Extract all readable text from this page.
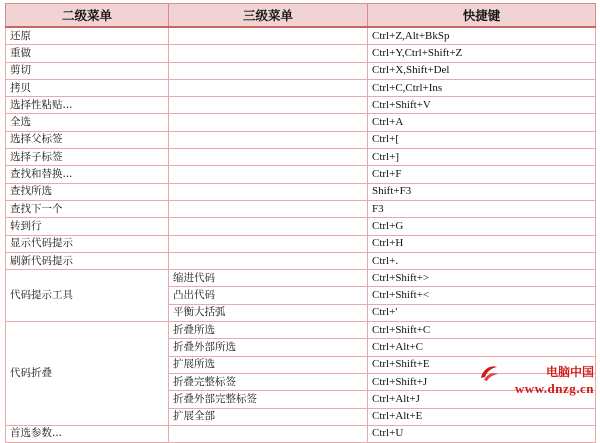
二级菜单	三级菜单	快捷键
还原		Ctrl+Z,Alt+BkSp
重做		Ctrl+Y,Ctrl+Shift+Z
剪切		Ctrl+X,Shift+Del
拷贝		Ctrl+C,Ctrl+Ins
选择性粘贴...		Ctrl+Shift+V
全选		Ctrl+A
选择父标签		Ctrl+[
选择子标签		Ctrl+]
查找和替换...		Ctrl+F
查找所选		Shift+F3
查找下一个		F3
转到行		Ctrl+G
显示代码提示		Ctrl+H
刷新代码提示		Ctrl+.
代码提示工具	缩进代码	Ctrl+Shift+>
	凸出代码	Ctrl+Shift+<
	平衡大括弧	Ctrl+'
代码折叠	折叠所选	Ctrl+Shift+C
	折叠外部所选	Ctrl+Alt+C
	扩展所选	Ctrl+Shift+E
	折叠完整标签	Ctrl+Shift+J
	折叠外部完整标签	Ctrl+Alt+J
	扩展全部	Ctrl+Alt+E
首选参数...		Ctrl+U
电脑中国
www.dnzg.cn
